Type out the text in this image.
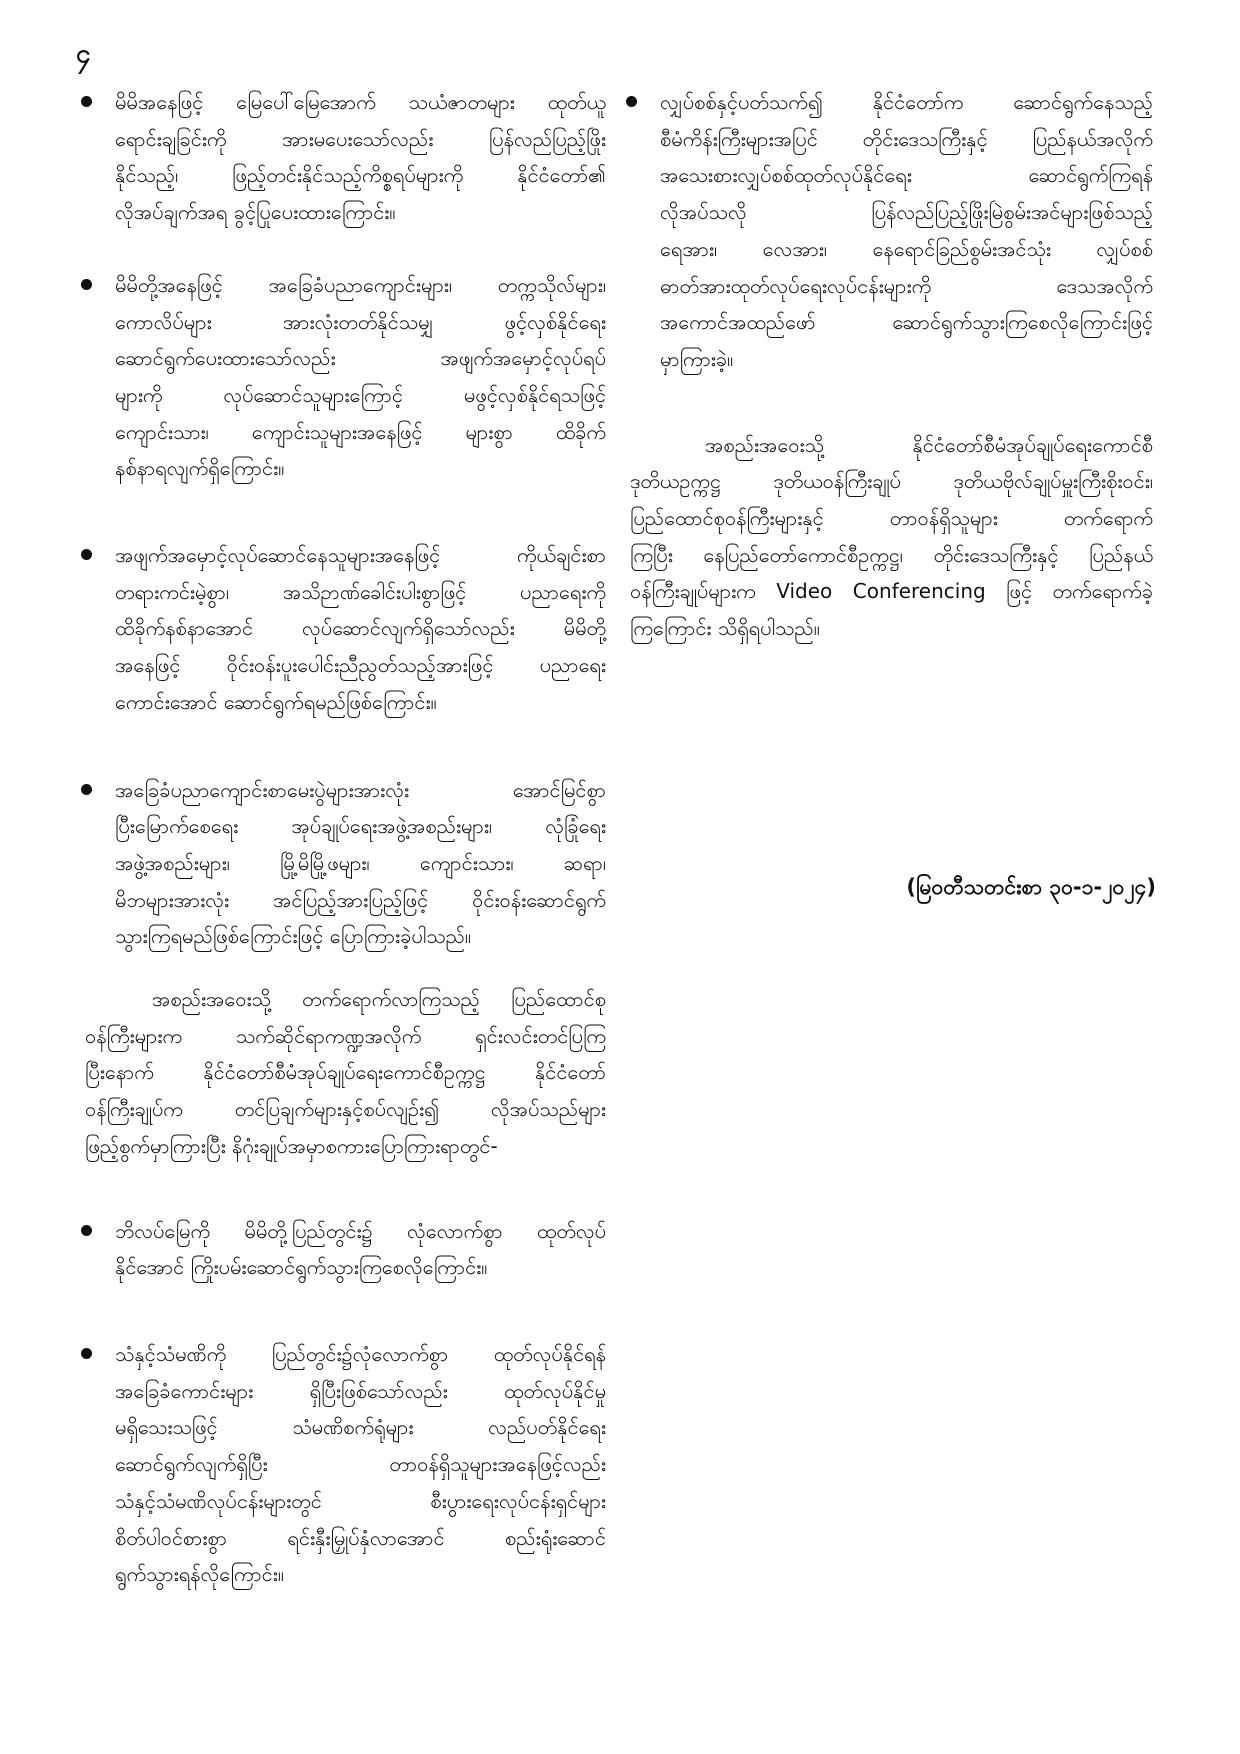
၄
မိမိအနေဖြင့် မြေပေါ်မြေအောက် သယံဇာတများ ထုတ်ယူ
ရောင်းချခြင်းကို အားမပေးသော်လည်း ပြန်လည်ပြည့်ဖြိုး
နိုင်သည့်၊ ဖြည့်တင်းနိုင်သည့်ကိစ္စရပ်များကို နိုင်ငံတော်၏
လိုအပ်ချက်အရ ခွင့်ပြုပေးထားကြောင်း။
မိမိတို့အနေဖြင့် အခြေခံပညာကျောင်းများ၊ တက္ကသိုလ်များ၊
ကောလိပ်များ အားလုံးတတ်နိုင်သမျှ ဖွင့်လှစ်နိုင်ရေး
ဆောင်ရွက်ပေးထားသော်လည်း အဖျက်အမှောင့်လုပ်ရပ်
များကို လုပ်ဆောင်သူများကြောင့် မဖွင့်လှစ်နိုင်ရသဖြင့်
ကျောင်းသား၊ ကျောင်းသူများအနေဖြင့် များစွာ ထိခိုက်
နစ်နာရလျက်ရှိကြောင်း။
အဖျက်အမှောင့်လုပ်ဆောင်နေသူများအနေဖြင့် ကိုယ်ချင်းစာ
တရားကင်းမဲ့စွာ၊ အသိဉာဏ်ခေါင်းပါးစွာဖြင့် ပညာရေးကို
ထိခိုက်နစ်နာအောင် လုပ်ဆောင်လျက်ရှိသော်လည်း မိမိတို့
အနေဖြင့် ဝိုင်းဝန်းပူးပေါင်းညီညွတ်သည့်အားဖြင့် ပညာရေး
ကောင်းအောင် ဆောင်ရွက်ရမည်ဖြစ်ကြောင်း။
အခြေခံပညာကျောင်းစာမေးပွဲများအားလုံး အောင်မြင်စွာ
ပြီးမြောက်စေရေး အုပ်ချုပ်ရေးအဖွဲ့အစည်းများ၊ လုံခြုံရေး
အဖွဲ့အစည်းများ၊ မြို့မိမြို့ဖများ၊ ကျောင်းသား၊ ဆရာ၊
မိဘများအားလုံး အင်ပြည့်အားပြည့်ဖြင့် ဝိုင်းဝန်းဆောင်ရွက်
သွားကြရမည်ဖြစ်ကြောင်းဖြင့် ပြောကြားခဲ့ပါသည်။
အစည်းအဝေးသို့ တက်ရောက်လာကြသည့် ပြည်ထောင်စု
ဝန်ကြီးများက သက်ဆိုင်ရာကဏ္ဍအလိုက် ရှင်းလင်းတင်ပြကြ
ပြီးနောက် နိုင်ငံတော်စီမံအုပ်ချုပ်ရေးကောင်စီဥက္ကဋ္ဌ နိုင်ငံတော်
ဝန်ကြီးချုပ်က တင်ပြချက်များနှင့်စပ်လျဉ်း၍ လိုအပ်သည်များ
ဖြည့်စွက်မှာကြားပြီး နိဂုံးချုပ်အမှာစကားပြောကြားရာတွင်-
ဘိလပ်မြေကို မိမိတို့ပြည်တွင်း၌ လုံလောက်စွာ ထုတ်လုပ်
နိုင်အောင် ကြိုးပမ်းဆောင်ရွက်သွားကြစေလိုကြောင်း။
သံနှင့်သံမဏိကို ပြည်တွင်း၌လုံလောက်စွာ ထုတ်လုပ်နိုင်ရန်
အခြေခံကောင်းများ ရှိပြီးဖြစ်သော်လည်း ထုတ်လုပ်နိုင်မှု
မရှိသေးသဖြင့် သံမဏိစက်ရုံများ လည်ပတ်နိုင်ရေး
ဆောင်ရွက်လျက်ရှိပြီး တာဝန်ရှိသူများအနေဖြင့်လည်း
သံနှင့်သံမဏိလုပ်ငန်းများတွင် စီးပွားရေးလုပ်ငန်းရှင်များ
စိတ်ပါဝင်စားစွာ ရင်းနှီးမြှုပ်နှံလာအောင် စည်းရုံးဆောင်
ရွက်သွားရန်လိုကြောင်း။
လျှပ်စစ်နှင့်ပတ်သက်၍ နိုင်ငံတော်က ဆောင်ရွက်နေသည့်
စီမံကိန်းကြီးများအပြင် တိုင်းဒေသကြီးနှင့် ပြည်နယ်အလိုက်
အသေးစားလျှပ်စစ်ထုတ်လုပ်နိုင်ရေး ဆောင်ရွက်ကြရန်
လိုအပ်သလို ပြန်လည်ပြည့်ဖြိုးမြဲစွမ်းအင်များဖြစ်သည့်
ရေအား၊ လေအား၊ နေရောင်ခြည်စွမ်းအင်သုံး လျှပ်စစ်
ဓာတ်အားထုတ်လုပ်ရေးလုပ်ငန်းများကို ဒေသအလိုက်
အကောင်အထည်ဖော် ဆောင်ရွက်သွားကြစေလိုကြောင်းဖြင့်
မှာကြားခဲ့။
အစည်းအဝေးသို့ နိုင်ငံတော်စီမံအုပ်ချုပ်ရေးကောင်စီ
ဒုတိယဥက္ကဋ္ဌ ဒုတိယဝန်ကြီးချုပ် ဒုတိယဗိုလ်ချုပ်မှူးကြီးစိုးဝင်း၊
ပြည်ထောင်စုဝန်ကြီးများနှင့် တာဝန်ရှိသူများ တက်ရောက်
ကြပြီး နေပြည်တော်ကောင်စီဥက္ကဋ္ဌ၊ တိုင်းဒေသကြီးနှင့် ပြည်နယ်
ဝန်ကြီးချုပ်များက Video Conferencing ဖြင့် တက်ရောက်ခဲ့
ကြကြောင်း သိရှိရပါသည်။
(မြဝတီသတင်းစာ ၃၀-၁-၂၀၂၄)
